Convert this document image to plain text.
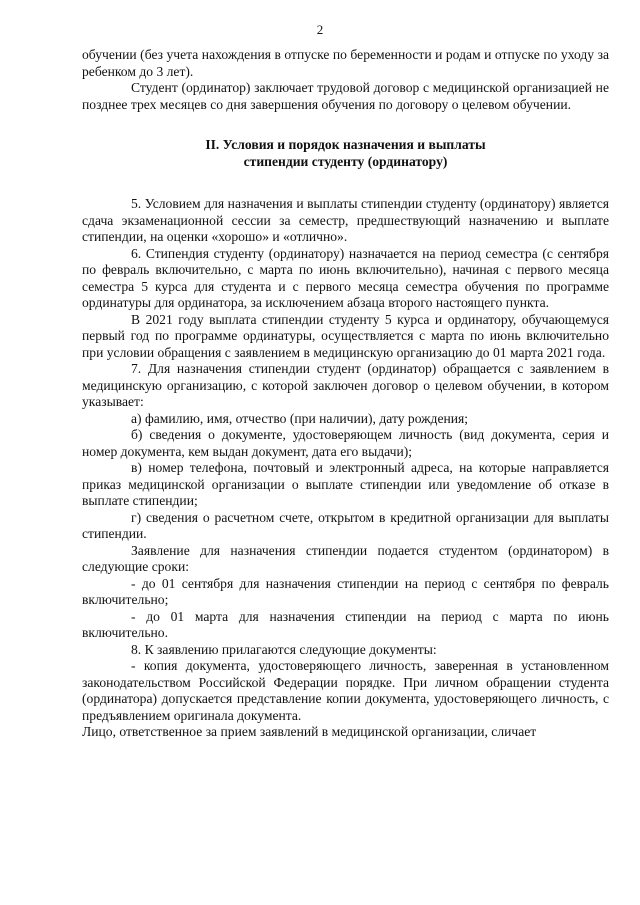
2

обучении (без учета нахождения в отпуске по беременности и родам и отпуске по уходу за ребенком до 3 лет).

Студент (ординатор) заключает трудовой договор с медицинской организацией не позднее трех месяцев со дня завершения обучения по договору о целевом обучении.

II. Условия и порядок назначения и выплаты
стипендии студенту (ординатору)

5. Условием для назначения и выплаты стипендии студенту (ординатору) является сдача экзаменационной сессии за семестр, предшествующий назначению и выплате стипендии, на оценки «хорошо» и «отлично».

6. Стипендия студенту (ординатору) назначается на период семестра (с сентября по февраль включительно, с марта по июнь включительно), начиная с первого месяца семестра 5 курса для студента и с первого месяца семестра обучения по программе ординатуры для ординатора, за исключением абзаца второго настоящего пункта.

В 2021 году выплата стипендии студенту 5 курса и ординатору, обучающемуся первый год по программе ординатуры, осуществляется с марта по июнь включительно при условии обращения с заявлением в медицинскую организацию до 01 марта 2021 года.

7. Для назначения стипендии студент (ординатор) обращается с заявлением в медицинскую организацию, с которой заключен договор о целевом обучении, в котором указывает:

а) фамилию, имя, отчество (при наличии), дату рождения;

б) сведения о документе, удостоверяющем личность (вид документа, серия и номер документа, кем выдан документ, дата его выдачи);

в) номер телефона, почтовый и электронный адреса, на которые направляется приказ медицинской организации о выплате стипендии или уведомление об отказе в выплате стипендии;

г) сведения о расчетном счете, открытом в кредитной организации для выплаты стипендии.

Заявление для назначения стипендии подается студентом (ординатором) в следующие сроки:

- до 01 сентября для назначения стипендии на период с сентября по февраль включительно;

- до 01 марта для назначения стипендии на период с марта по июнь включительно.

8. К заявлению прилагаются следующие документы:

- копия документа, удостоверяющего личность, заверенная в установленном законодательством Российской Федерации порядке. При личном обращении студента (ординатора) допускается представление копии документа, удостоверяющего личность, с предъявлением оригинала документа.

Лицо, ответственное за прием заявлений в медицинской организации, сличает
